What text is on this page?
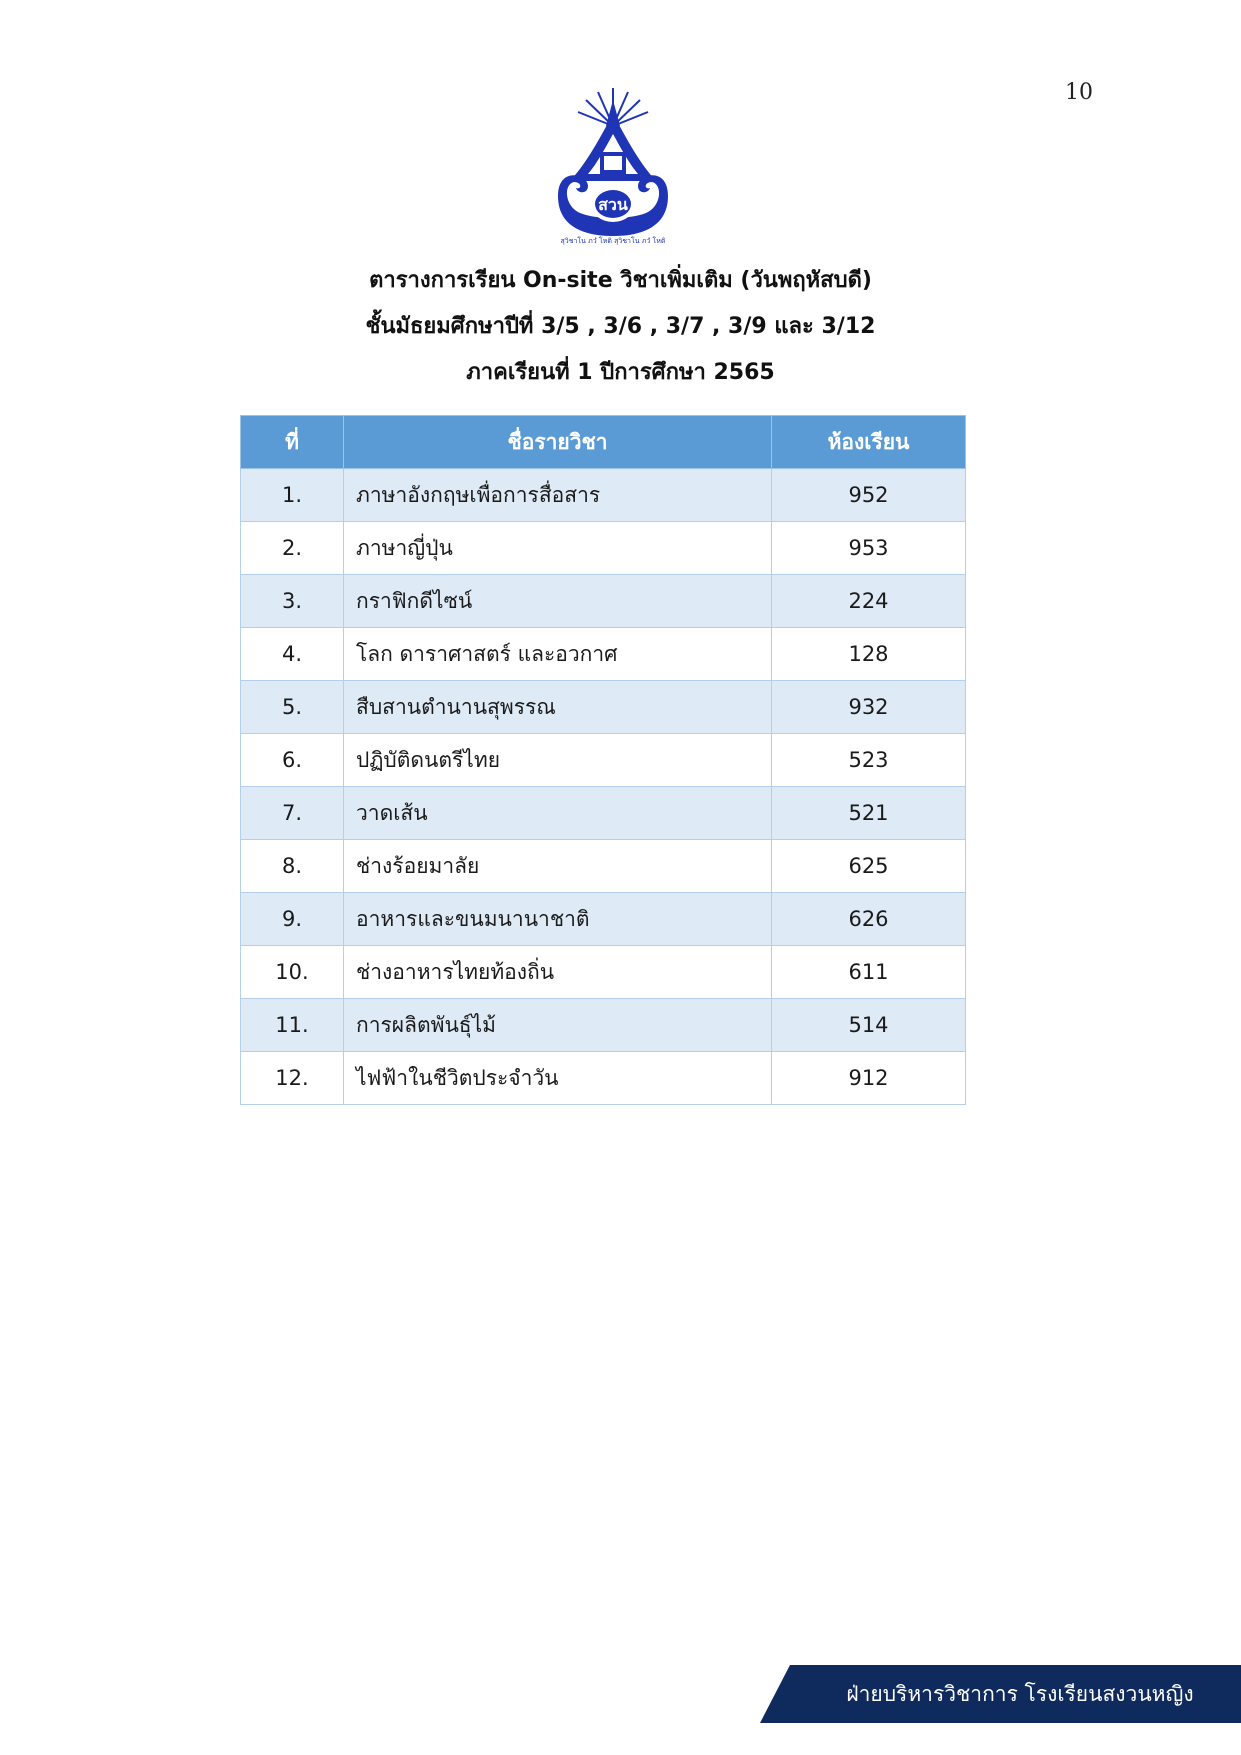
10
สวน
สุวิชาโน ภวํ โหติ สุวิชาโน ภวํ โหติ
ตารางการเรียน On-site วิชาเพิ่มเติม (วันพฤหัสบดี)
ชั้นมัธยมศึกษาปีที่ 3/5 , 3/6 , 3/7 , 3/9 และ 3/12
ภาคเรียนที่ 1 ปีการศึกษา 2565
ที่	ชื่อรายวิชา	ห้องเรียน
1.	ภาษาอังกฤษเพื่อการสื่อสาร	952
2.	ภาษาญี่ปุ่น	953
3.	กราฟิกดีไซน์	224
4.	โลก ดาราศาสตร์ และอวกาศ	128
5.	สืบสานตำนานสุพรรณ	932
6.	ปฏิบัติดนตรีไทย	523
7.	วาดเส้น	521
8.	ช่างร้อยมาลัย	625
9.	อาหารและขนมนานาชาติ	626
10.	ช่างอาหารไทยท้องถิ่น	611
11.	การผลิตพันธุ์ไม้	514
12.	ไฟฟ้าในชีวิตประจำวัน	912
ฝ่ายบริหารวิชาการ โรงเรียนสงวนหญิง
